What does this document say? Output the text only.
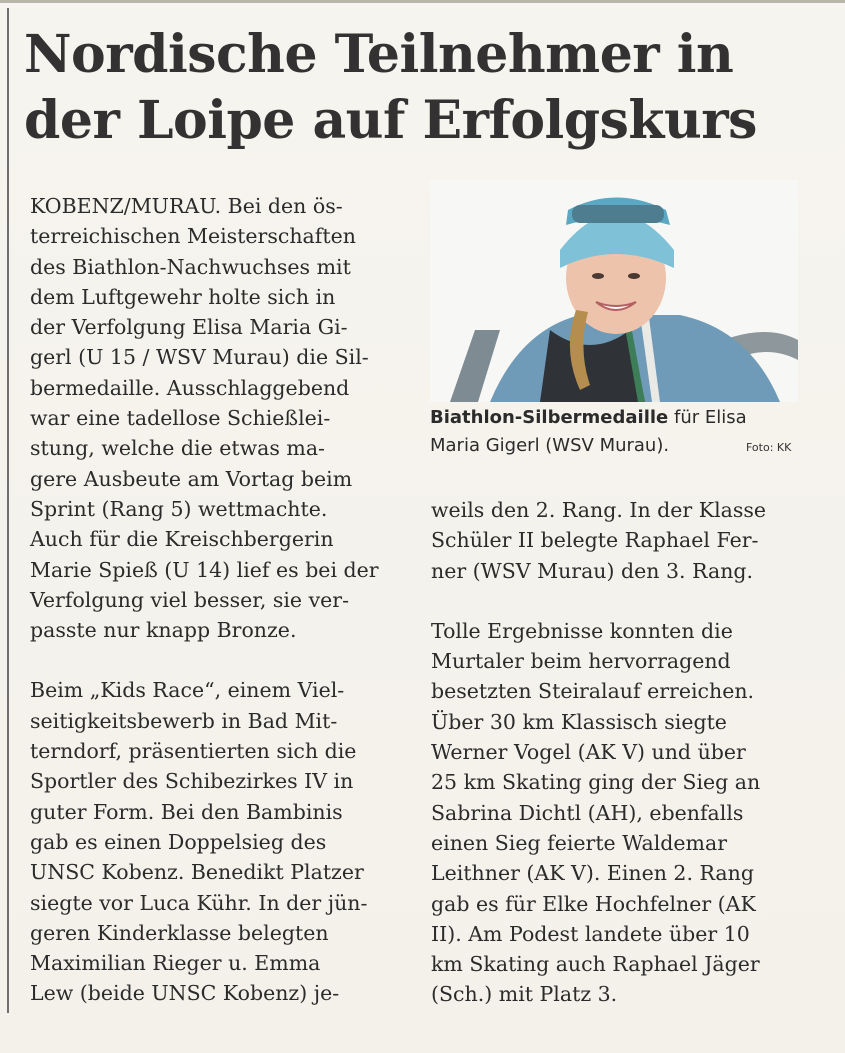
Nordische Teilnehmer in
der Loipe auf Erfolgskurs

KOBENZ/MURAU. Bei den ös-
terreichischen Meisterschaften
des Biathlon-Nachwuchses mit
dem Luftgewehr holte sich in
der Verfolgung Elisa Maria Gi-
gerl (U 15 / WSV Murau) die Sil-
bermedaille. Ausschlaggebend
war eine tadellose Schießlei-
stung, welche die etwas ma-
gere Ausbeute am Vortag beim
Sprint (Rang 5) wettmachte.
Auch für die Kreischbergerin
Marie Spieß (U 14) lief es bei der
Verfolgung viel besser, sie ver-
passte nur knapp Bronze.

Beim „Kids Race“, einem Viel-
seitigkeitsbewerb in Bad Mit-
terndorf, präsentierten sich die
Sportler des Schibezirkes IV in
guter Form. Bei den Bambinis
gab es einen Doppelsieg des
UNSC Kobenz. Benedikt Platzer
siegte vor Luca Kühr. In der jün-
geren Kinderklasse belegten
Maximilian Rieger u. Emma
Lew (beide UNSC Kobenz) je-

Biathlon-Silbermedaille für Elisa
Maria Gigerl (WSV Murau).	Foto: KK

weils den 2. Rang. In der Klasse
Schüler II belegte Raphael Fer-
ner (WSV Murau) den 3. Rang.

Tolle Ergebnisse konnten die
Murtaler beim hervorragend
besetzten Steiralauf erreichen.
Über 30 km Klassisch siegte
Werner Vogel (AK V) und über
25 km Skating ging der Sieg an
Sabrina Dichtl (AH), ebenfalls
einen Sieg feierte Waldemar
Leithner (AK V). Einen 2. Rang
gab es für Elke Hochfelner (AK
II). Am Podest landete über 10
km Skating auch Raphael Jäger
(Sch.) mit Platz 3.
